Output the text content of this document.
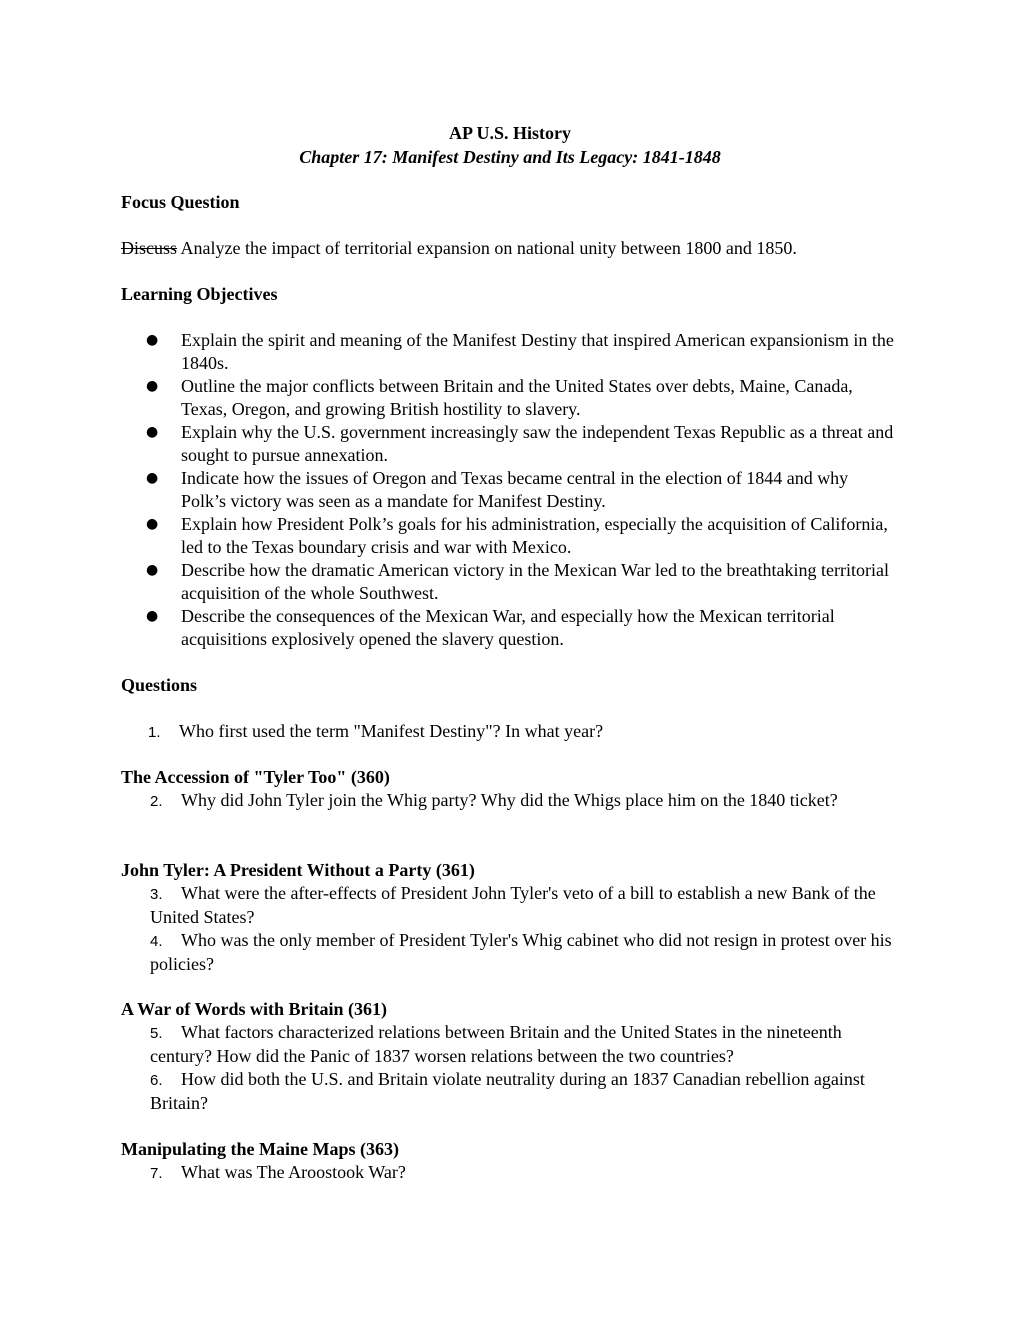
AP U.S. History
Chapter 17: Manifest Destiny and Its Legacy: 1841-1848
Focus Question
Discuss Analyze the impact of territorial expansion on national unity between 1800 and 1850.
Learning Objectives
● Explain the spirit and meaning of the Manifest Destiny that inspired American expansionism in the 1840s.
● Outline the major conflicts between Britain and the United States over debts, Maine, Canada, Texas, Oregon, and growing British hostility to slavery.
● Explain why the U.S. government increasingly saw the independent Texas Republic as a threat and sought to pursue annexation.
● Indicate how the issues of Oregon and Texas became central in the election of 1844 and why Polk’s victory was seen as a mandate for Manifest Destiny.
● Explain how President Polk’s goals for his administration, especially the acquisition of California, led to the Texas boundary crisis and war with Mexico.
● Describe how the dramatic American victory in the Mexican War led to the breathtaking territorial acquisition of the whole Southwest.
● Describe the consequences of the Mexican War, and especially how the Mexican territorial acquisitions explosively opened the slavery question.
Questions
1. Who first used the term "Manifest Destiny"? In what year?
The Accession of "Tyler Too" (360)
2. Why did John Tyler join the Whig party? Why did the Whigs place him on the 1840 ticket?
John Tyler: A President Without a Party (361)
3. What were the after-effects of President John Tyler's veto of a bill to establish a new Bank of the United States?
4. Who was the only member of President Tyler's Whig cabinet who did not resign in protest over his policies?
A War of Words with Britain (361)
5. What factors characterized relations between Britain and the United States in the nineteenth century? How did the Panic of 1837 worsen relations between the two countries?
6. How did both the U.S. and Britain violate neutrality during an 1837 Canadian rebellion against Britain?
Manipulating the Maine Maps (363)
7. What was The Aroostook War?
